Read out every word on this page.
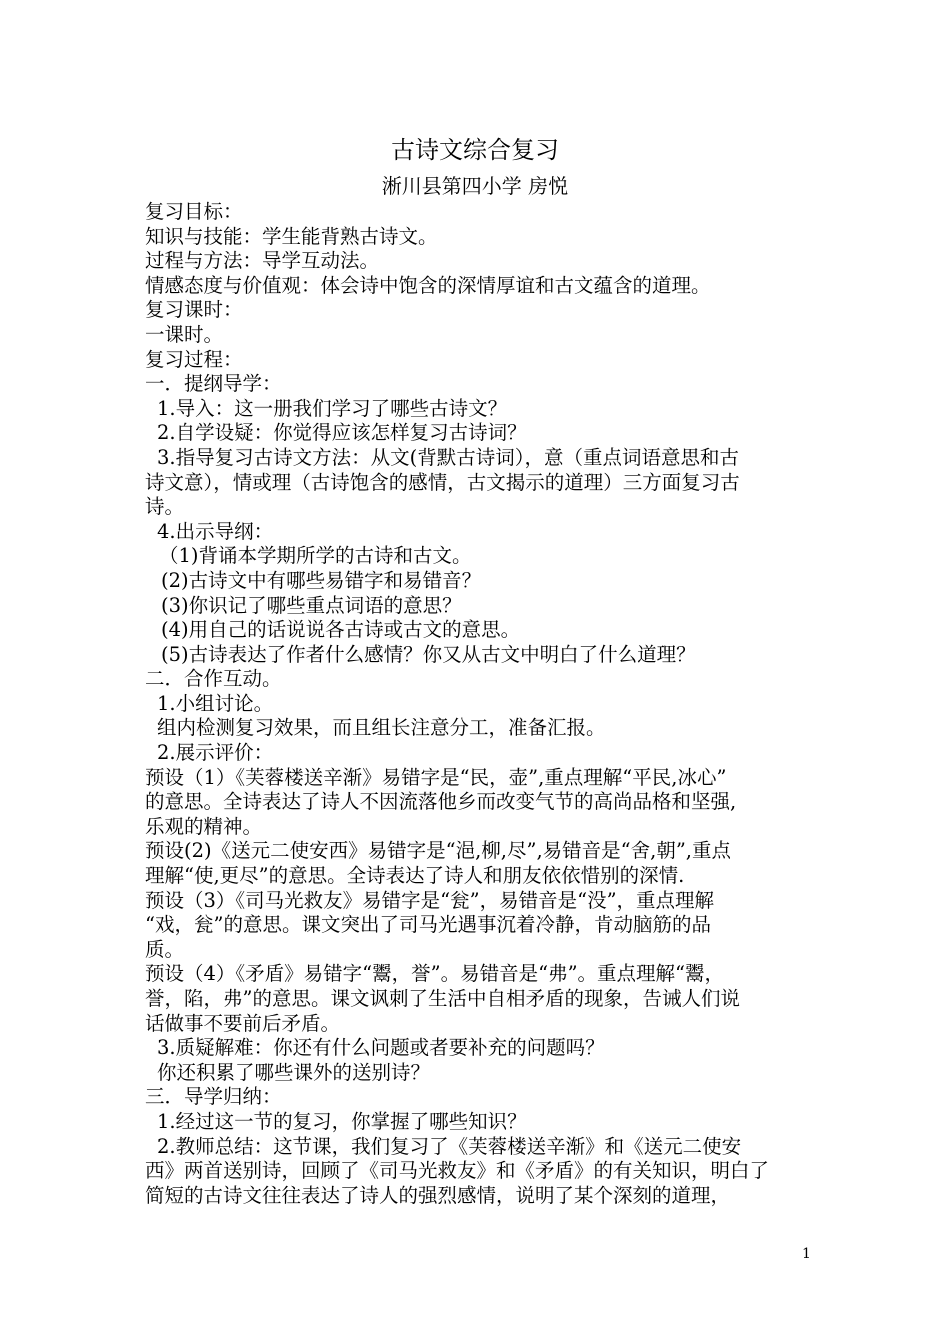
古诗文综合复习
淅川县第四小学 房悦
复习目标：
知识与技能：学生能背熟古诗文。
过程与方法：导学互动法。
情感态度与价值观：体会诗中饱含的深情厚谊和古文蕴含的道理。
复习课时：
一课时。
复习过程：
一．提纲导学：
1.导入：这一册我们学习了哪些古诗文？
2.自学设疑：你觉得应该怎样复习古诗词？
3.指导复习古诗文方法：从文(背默古诗词），意（重点词语意思和古
诗文意），情或理（古诗饱含的感情，古文揭示的道理）三方面复习古
诗。
4.出示导纲：
（1)背诵本学期所学的古诗和古文。
(2)古诗文中有哪些易错字和易错音？
(3)你识记了哪些重点词语的意思？
(4)用自己的话说说各古诗或古文的意思。
(5)古诗表达了作者什么感情？你又从古文中明白了什么道理？
二．合作互动。
1.小组讨论。
组内检测复习效果，而且组长注意分工，准备汇报。
2.展示评价：
预设（1）《芙蓉楼送辛渐》易错字是“民，壶”,重点理解“平民,冰心”
的意思。全诗表达了诗人不因流落他乡而改变气节的高尚品格和坚强,
乐观的精神。
预设(2)《送元二使安西》易错字是“浥,柳,尽”,易错音是“舍,朝”,重点
理解“使,更尽”的意思。全诗表达了诗人和朋友依依惜别的深情.
预设（3）《司马光救友》易错字是“瓮”，易错音是“没”，重点理解
“戏，瓮”的意思。课文突出了司马光遇事沉着冷静，肯动脑筋的品
质。
预设（4）《矛盾》易错字“鬻，誉”。易错音是“弗”。重点理解“鬻，
誉，陷，弗”的意思。课文讽刺了生活中自相矛盾的现象，告诫人们说
话做事不要前后矛盾。
3.质疑解难：你还有什么问题或者要补充的问题吗？
你还积累了哪些课外的送别诗？
三．导学归纳：
1.经过这一节的复习，你掌握了哪些知识？
2.教师总结：这节课，我们复习了《芙蓉楼送辛渐》和《送元二使安
西》两首送别诗，回顾了《司马光救友》和《矛盾》的有关知识，明白了
简短的古诗文往往表达了诗人的强烈感情，说明了某个深刻的道理，
1
